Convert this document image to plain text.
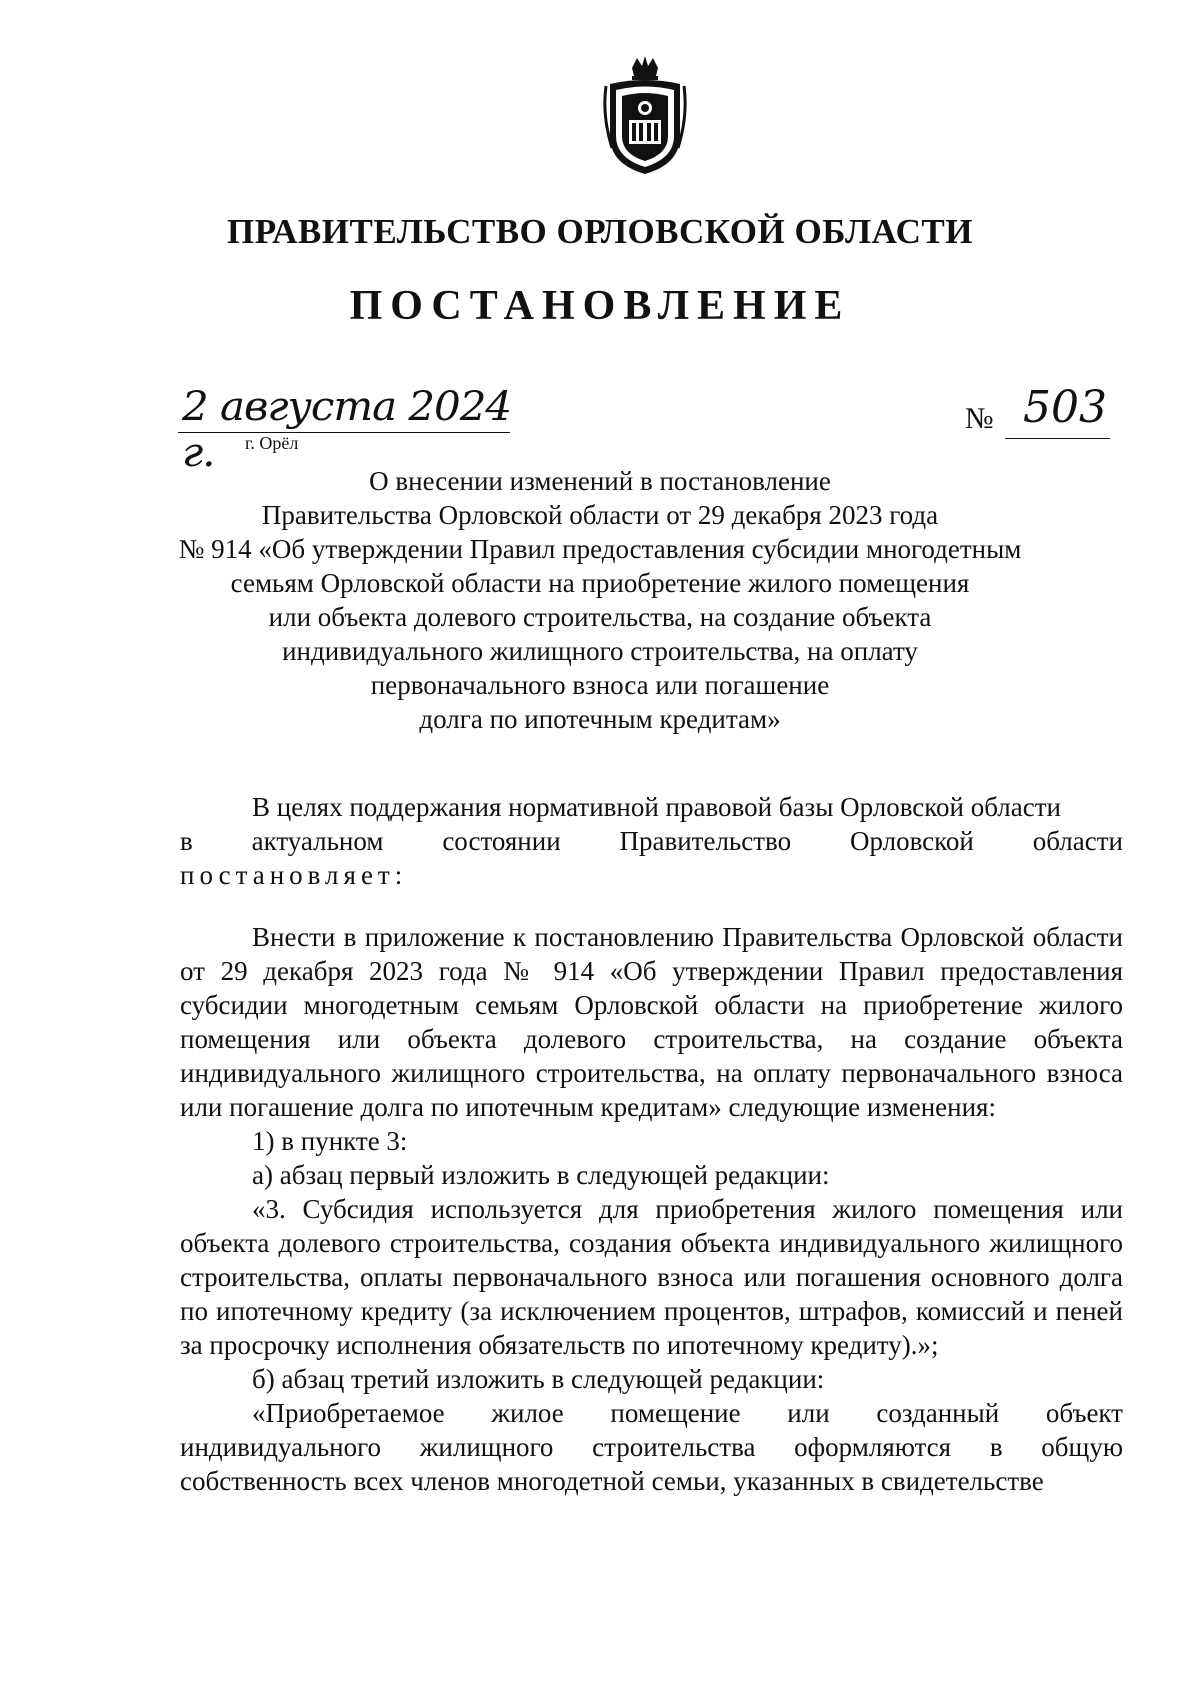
ПРАВИТЕЛЬСТВО ОРЛОВСКОЙ ОБЛАСТИ
ПОСТАНОВЛЕНИЕ
2 августа 2024 г.	г. Орёл
№ 503
О внесении изменений в постановление
Правительства Орловской области от 29 декабря 2023 года
№ 914 «Об утверждении Правил предоставления субсидии многодетным
семьям Орловской области на приобретение жилого помещения
или объекта долевого строительства, на создание объекта
индивидуального жилищного строительства, на оплату
первоначального взноса или погашение
долга по ипотечным кредитам»

В целях поддержания нормативной правовой базы Орловской области

в актуальном состоянии Правительство Орловской области

постановляет:

Внести в приложение к постановлению Правительства Орловской области от 29 декабря 2023 года № 914 «Об утверждении Правил предоставления субсидии многодетным семьям Орловской области на приобретение жилого помещения или объекта долевого строительства, на создание объекта индивидуального жилищного строительства, на оплату первоначального взноса или погашение долга по ипотечным кредитам» следующие изменения:

1) в пункте 3:

а) абзац первый изложить в следующей редакции:

«3. Субсидия используется для приобретения жилого помещения или объекта долевого строительства, создания объекта индивидуального жилищного строительства, оплаты первоначального взноса или погашения основного долга по ипотечному кредиту (за исключением процентов, штрафов, комиссий и пеней за просрочку исполнения обязательств по ипотечному кредиту).»;

б) абзац третий изложить в следующей редакции:

«Приобретаемое жилое помещение или созданный объект индивидуального жилищного строительства оформляются в общую собственность всех членов многодетной семьи, указанных в свидетельстве
